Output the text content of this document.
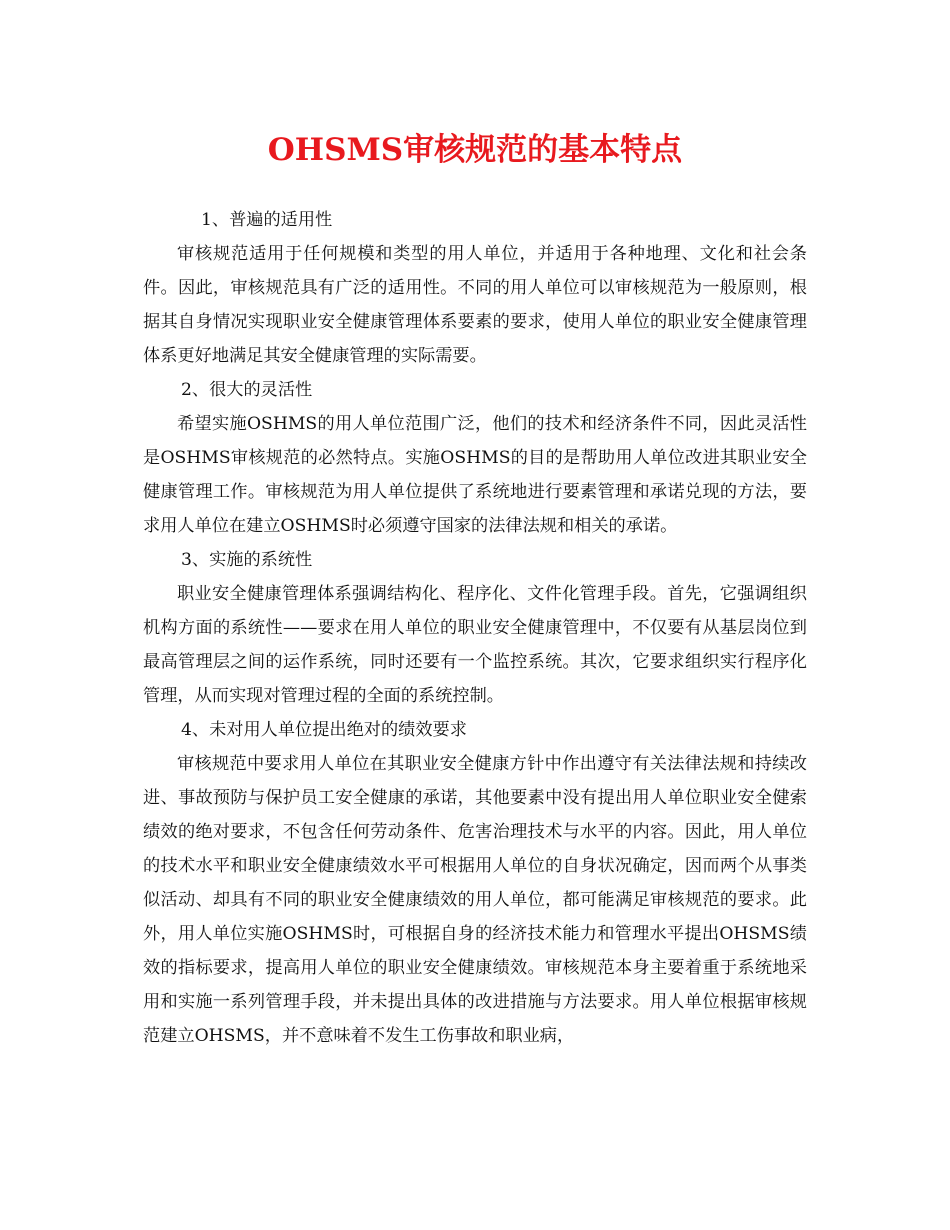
OHSMS审核规范的基本特点

1、普遍的适用性

审核规范适用于任何规模和类型的用人单位，并适用于各种地理、文化和社会条件。因此，审核规范具有广泛的适用性。不同的用人单位可以审核规范为一般原则，根据其自身情况实现职业安全健康管理体系要素的要求，使用人单位的职业安全健康管理体系更好地满足其安全健康管理的实际需要。

2、很大的灵活性

希望实施OSHMS的用人单位范围广泛，他们的技术和经济条件不同，因此灵活性是OSHMS审核规范的必然特点。实施OSHMS的目的是帮助用人单位改进其职业安全健康管理工作。审核规范为用人单位提供了系统地进行要素管理和承诺兑现的方法，要求用人单位在建立OSHMS时必须遵守国家的法律法规和相关的承诺。

3、实施的系统性

职业安全健康管理体系强调结构化、程序化、文件化管理手段。首先，它强调组织机构方面的系统性——要求在用人单位的职业安全健康管理中，不仅要有从基层岗位到最高管理层之间的运作系统，同时还要有一个监控系统。其次，它要求组织实行程序化管理，从而实现对管理过程的全面的系统控制。

4、未对用人单位提出绝对的绩效要求

审核规范中要求用人单位在其职业安全健康方针中作出遵守有关法律法规和持续改进、事故预防与保护员工安全健康的承诺，其他要素中没有提出用人单位职业安全健索绩效的绝对要求，不包含任何劳动条件、危害治理技术与水平的内容。因此，用人单位的技术水平和职业安全健康绩效水平可根据用人单位的自身状况确定，因而两个从事类似活动、却具有不同的职业安全健康绩效的用人单位，都可能满足审核规范的要求。此外，用人单位实施OSHMS时，可根据自身的经济技术能力和管理水平提出OHSMS绩效的指标要求，提高用人单位的职业安全健康绩效。审核规范本身主要着重于系统地采用和实施一系列管理手段，并未提出具体的改进措施与方法要求。用人单位根据审核规范建立OHSMS，并不意味着不发生工伤事故和职业病，
